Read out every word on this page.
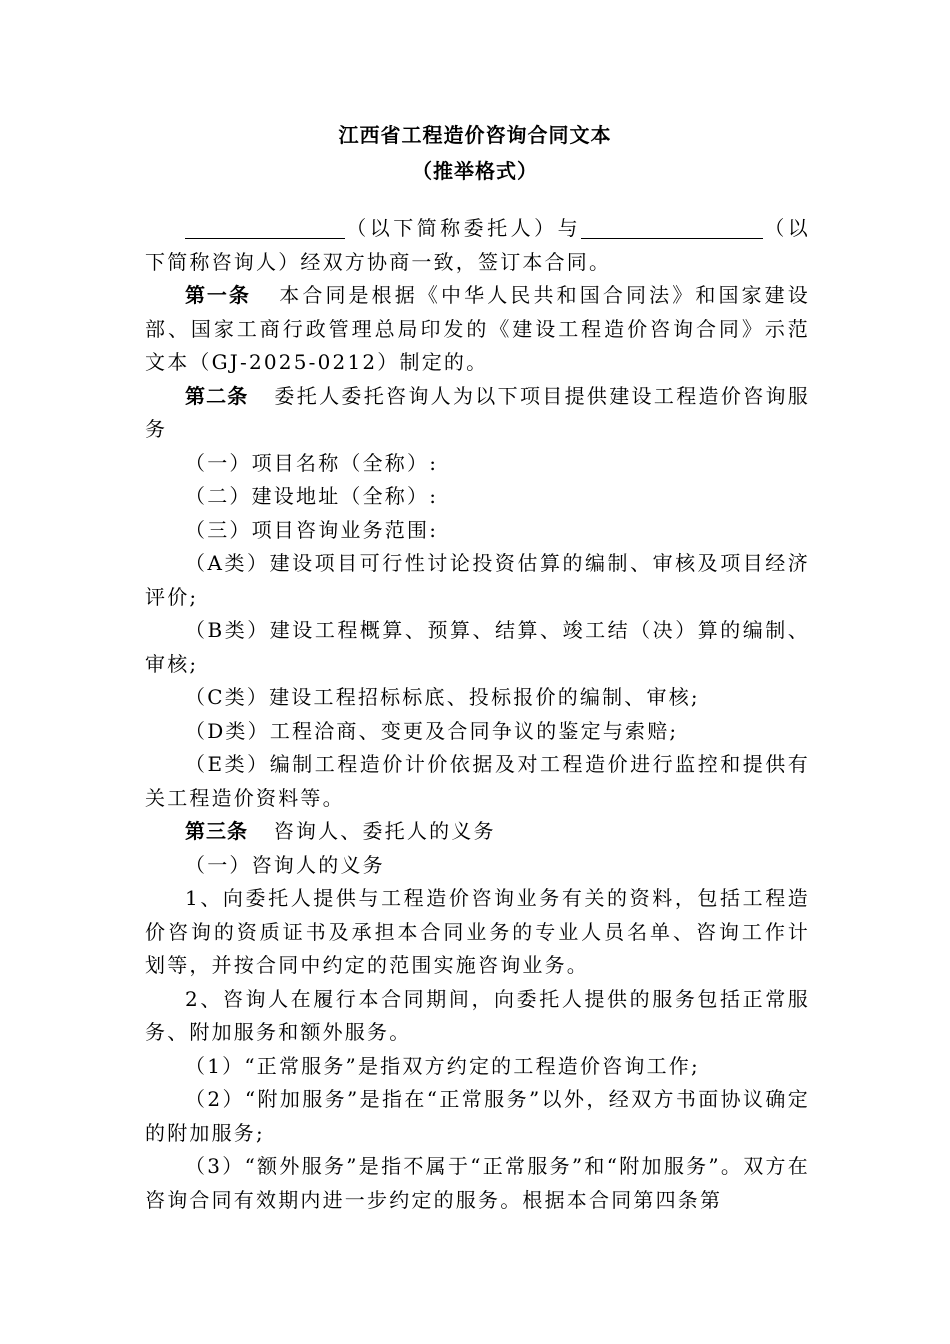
江西省工程造价咨询合同文本
（推举格式）

（以下简称委托人）与	（以下简称咨询人）经双方协商一致，签订本合同。

第一条 本合同是根据《中华人民共和国合同法》和国家建设部、国家工商行政管理总局印发的《建设工程造价咨询合同》示范文本（GJ-2025-0212）制定的。

第二条 委托人委托咨询人为以下项目提供建设工程造价咨询服务

（一）项目名称（全称）:

（二）建设地址（全称）:

（三）项目咨询业务范围:

（A类）建设项目可行性讨论投资估算的编制、审核及项目经济评价;

（B类）建设工程概算、预算、结算、竣工结（决）算的编制、审核;

（C类）建设工程招标标底、投标报价的编制、审核;

（D类）工程洽商、变更及合同争议的鉴定与索赔;

（E类）编制工程造价计价依据及对工程造价进行监控和提供有关工程造价资料等。

第三条 咨询人、委托人的义务

（一）咨询人的义务

1、向委托人提供与工程造价咨询业务有关的资料，包括工程造价咨询的资质证书及承担本合同业务的专业人员名单、咨询工作计划等，并按合同中约定的范围实施咨询业务。

2、咨询人在履行本合同期间，向委托人提供的服务包括正常服务、附加服务和额外服务。

（1）“正常服务”是指双方约定的工程造价咨询工作;

（2）“附加服务”是指在“正常服务”以外，经双方书面协议确定的附加服务;

（3）“额外服务”是指不属于“正常服务”和“附加服务”。双方在咨询合同有效期内进一步约定的服务。根据本合同第四条第
